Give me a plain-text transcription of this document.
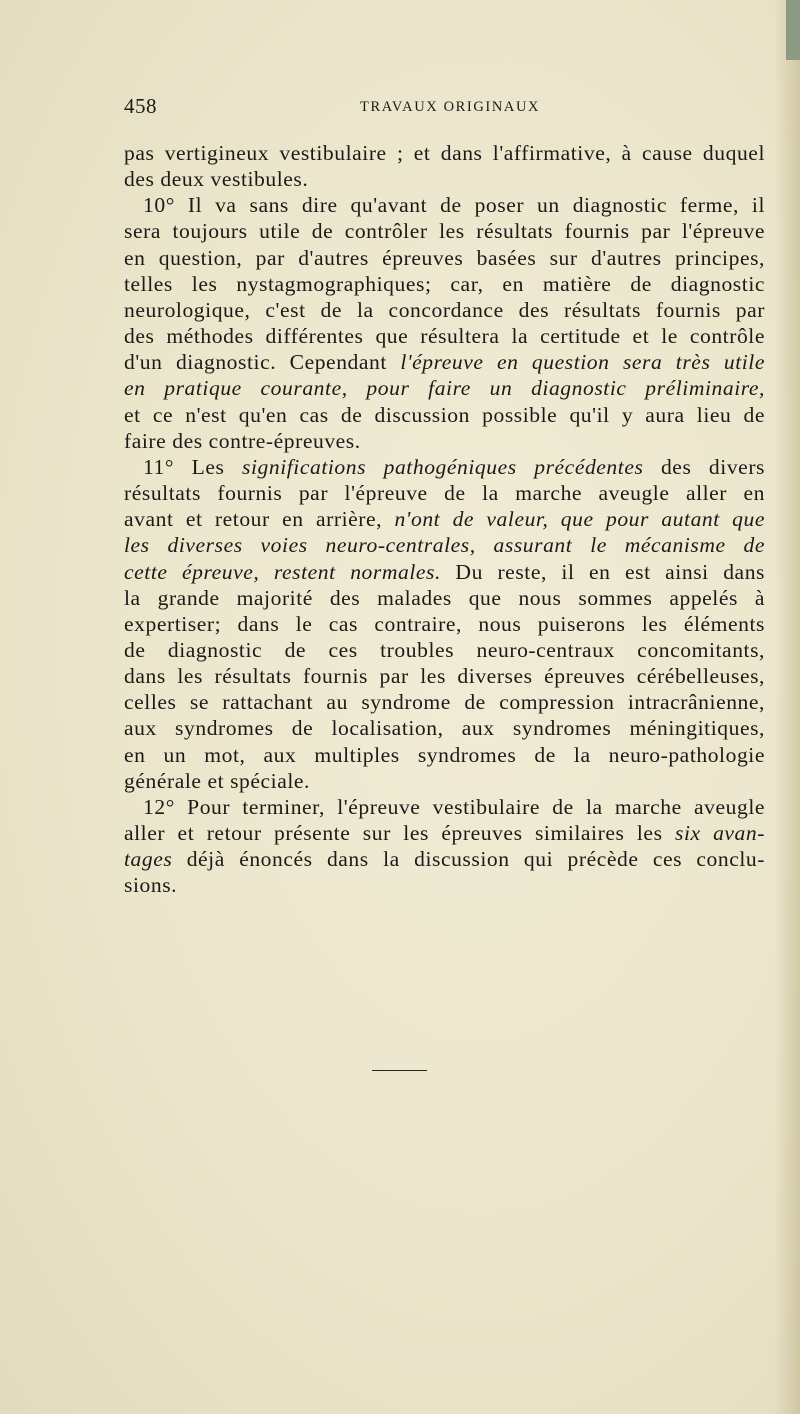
458	TRAVAUX ORIGINAUX
pas vertigineux vestibulaire ; et dans l'affirmative, à cause duquel
des deux vestibules.
10° Il va sans dire qu'avant de poser un diagnostic ferme, il
sera toujours utile de contrôler les résultats fournis par l'épreuve
en question, par d'autres épreuves basées sur d'autres principes,
telles les nystagmographiques; car, en matière de diagnostic
neurologique, c'est de la concordance des résultats fournis par
des méthodes différentes que résultera la certitude et le contrôle
d'un diagnostic. Cependant l'épreuve en question sera très utile
en pratique courante, pour faire un diagnostic préliminaire,
et ce n'est qu'en cas de discussion possible qu'il y aura lieu de
faire des contre-épreuves.
11° Les significations pathogéniques précédentes des divers
résultats fournis par l'épreuve de la marche aveugle aller en
avant et retour en arrière, n'ont de valeur, que pour autant que
les diverses voies neuro-centrales, assurant le mécanisme de
cette épreuve, restent normales. Du reste, il en est ainsi dans
la grande majorité des malades que nous sommes appelés à
expertiser; dans le cas contraire, nous puiserons les éléments
de diagnostic de ces troubles neuro-centraux concomitants,
dans les résultats fournis par les diverses épreuves cérébelleuses,
celles se rattachant au syndrome de compression intracrânienne,
aux syndromes de localisation, aux syndromes méningitiques,
en un mot, aux multiples syndromes de la neuro-pathologie
générale et spéciale.
12° Pour terminer, l'épreuve vestibulaire de la marche aveugle
aller et retour présente sur les épreuves similaires les six avan-
tages déjà énoncés dans la discussion qui précède ces conclu-
sions.
